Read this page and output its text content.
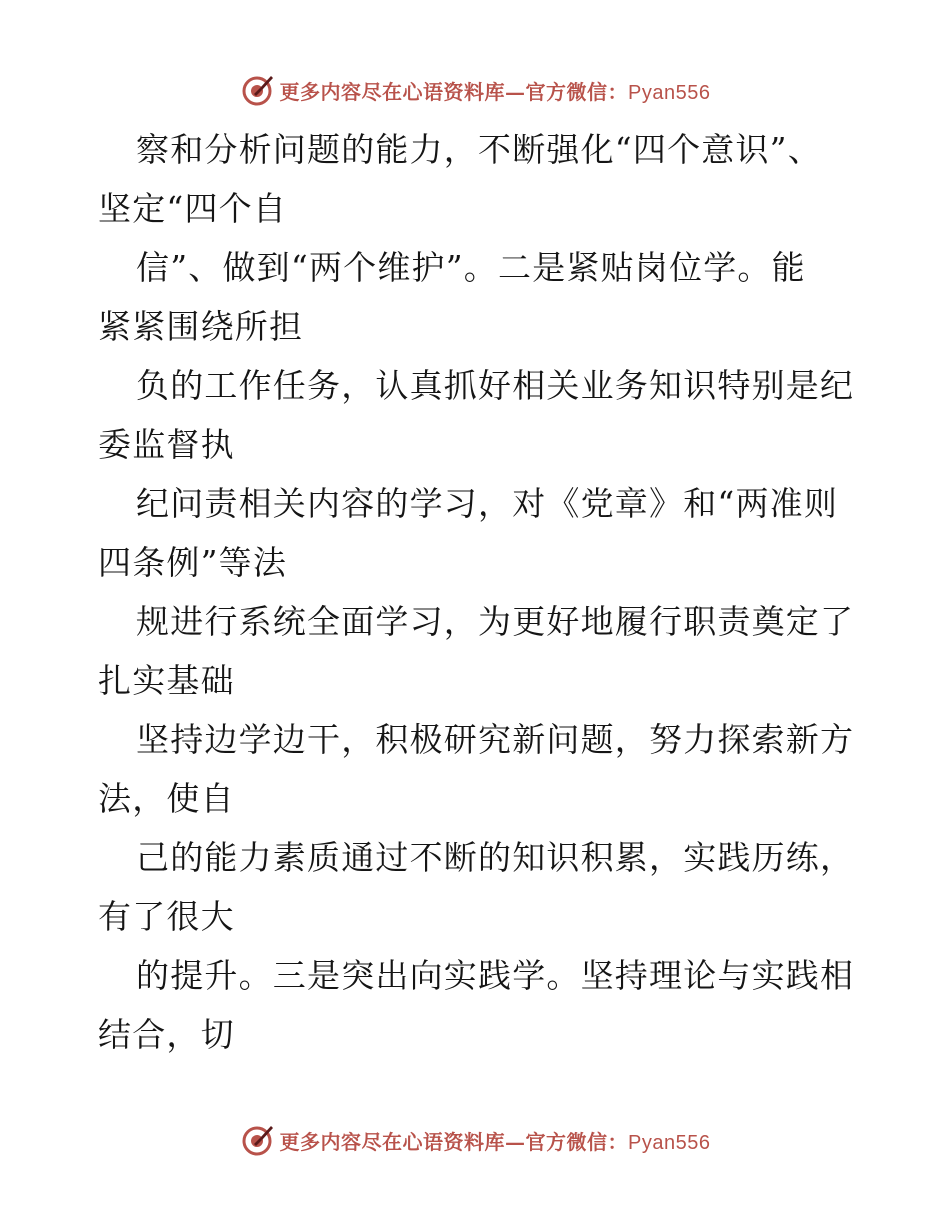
更多内容尽在心语资料库—官方微信：Pyan556
察和分析问题的能力，不断强化“四个意识”、
坚定“四个自
信”、做到“两个维护”。二是紧贴岗位学。能
紧紧围绕所担
负的工作任务，认真抓好相关业务知识特别是纪
委监督执
纪问责相关内容的学习，对《党章》和“两准则
四条例”等法
规进行系统全面学习，为更好地履行职责奠定了
扎实基础
坚持边学边干，积极研究新问题，努力探索新方
法，使自
己的能力素质通过不断的知识积累，实践历练，
有了很大
的提升。三是突出向实践学。坚持理论与实践相
结合，切
更多内容尽在心语资料库—官方微信：Pyan556
